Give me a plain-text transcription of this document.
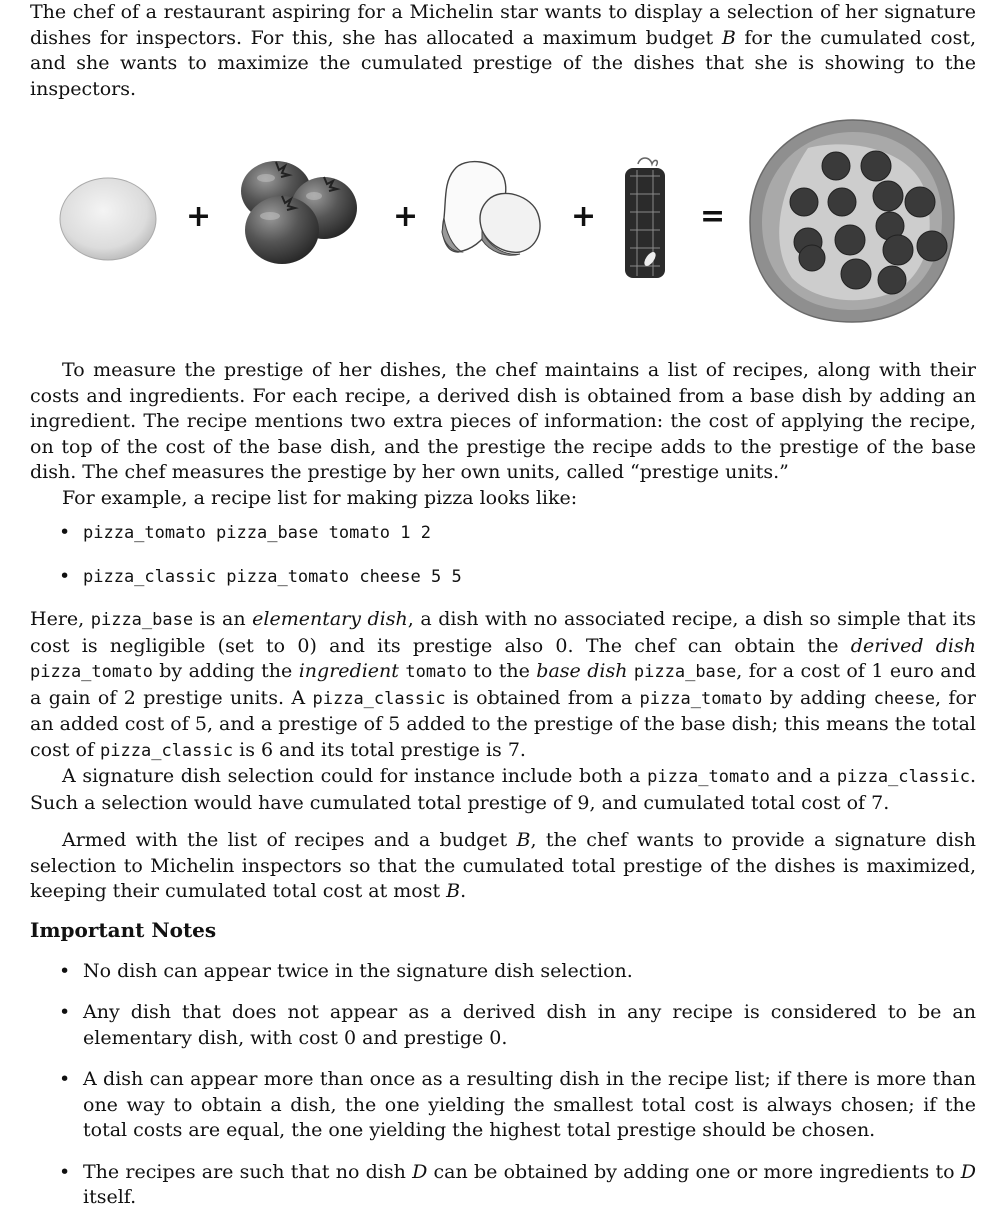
The chef of a restaurant aspiring for a Michelin star wants to display a selection of her signature dishes for inspectors. For this, she has allocated a maximum budget B for the cumulated cost, and she wants to maximize the cumulated prestige of the dishes that she is showing to the inspectors.

+	+	+	=

To measure the prestige of her dishes, the chef maintains a list of recipes, along with their costs and ingredients. For each recipe, a derived dish is obtained from a base dish by adding an ingredient. The recipe mentions two extra pieces of information: the cost of applying the recipe, on top of the cost of the base dish, and the prestige the recipe adds to the prestige of the base dish. The chef measures the prestige by her own units, called “prestige units.”

For example, a recipe list for making pizza looks like:

• pizza_tomato pizza_base tomato 1 2
• pizza_classic pizza_tomato cheese 5 5

Here, pizza_base is an elementary dish, a dish with no associated recipe, a dish so simple that its cost is negligible (set to 0) and its prestige also 0. The chef can obtain the derived dish pizza_tomato by adding the ingredient tomato to the base dish pizza_base, for a cost of 1 euro and a gain of 2 prestige units. A pizza_classic is obtained from a pizza_tomato by adding cheese, for an added cost of 5, and a prestige of 5 added to the prestige of the base dish; this means the total cost of pizza_classic is 6 and its total prestige is 7.

A signature dish selection could for instance include both a pizza_tomato and a pizza_classic. Such a selection would have cumulated total prestige of 9, and cumulated total cost of 7.

Armed with the list of recipes and a budget B, the chef wants to provide a signature dish selection to Michelin inspectors so that the cumulated total prestige of the dishes is maximized, keeping their cumulated total cost at most B.

Important Notes
• No dish can appear twice in the signature dish selection.
• Any dish that does not appear as a derived dish in any recipe is considered to be an elementary dish, with cost 0 and prestige 0.
• A dish can appear more than once as a resulting dish in the recipe list; if there is more than one way to obtain a dish, the one yielding the smallest total cost is always chosen; if the total costs are equal, the one yielding the highest total prestige should be chosen.
• The recipes are such that no dish D can be obtained by adding one or more ingredients to D itself.
